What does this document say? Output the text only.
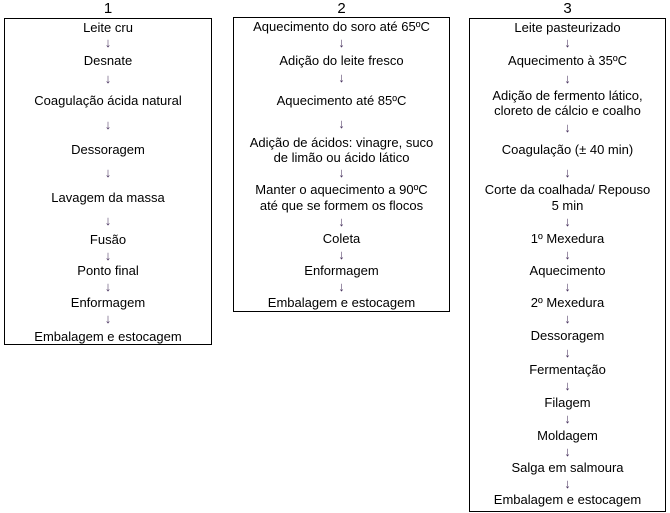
1
Leite cru
Desnate
Coagulação ácida natural
Dessoragem
Lavagem da massa
Fusão
Ponto final
Enformagem
Embalagem e estocagem
↓
↓
↓
↓
↓
↓
↓
↓
2
Aquecimento do soro até 65ºC
Adição do leite fresco
Aquecimento até 85ºC
Adição de ácidos: vinagre, suco
de limão ou ácido lático
Manter o aquecimento a 90ºC
até que se formem os flocos
Coleta
Enformagem
Embalagem e estocagem
↓
↓
↓
↓
↓
↓
↓
3
Leite pasteurizado
Aquecimento à 35ºC
Adição de fermento lático,
cloreto de cálcio e coalho
Coagulação (± 40 min)
Corte da coalhada/ Repouso
5 min
1º Mexedura
Aquecimento
2º Mexedura
Dessoragem
Fermentação
Filagem
Moldagem
Salga em salmoura
Embalagem e estocagem
↓
↓
↓
↓
↓
↓
↓
↓
↓
↓
↓
↓
↓
